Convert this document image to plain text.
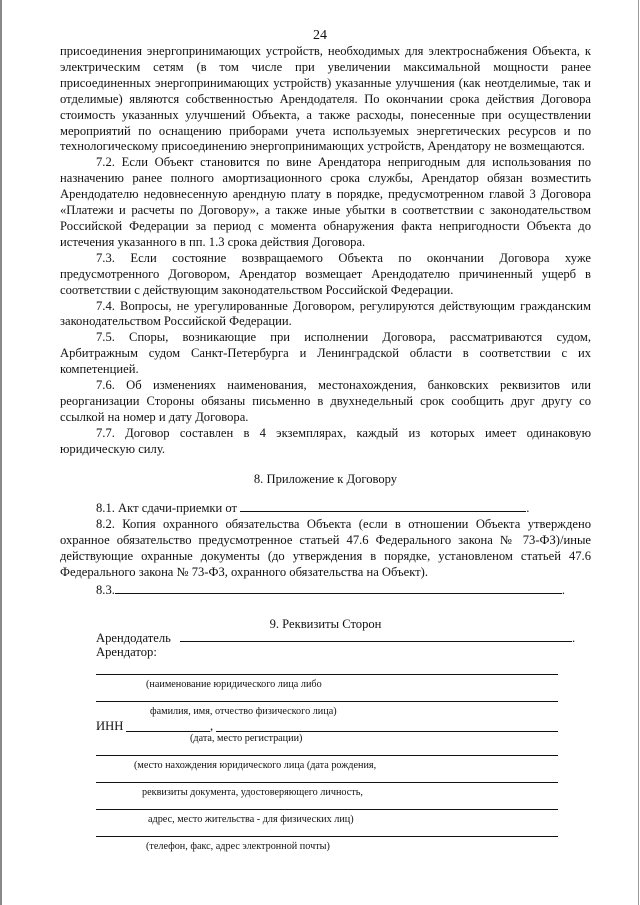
24

присоединения энергопринимающих устройств, необходимых для электроснабжения Объекта, к электрическим сетям (в том числе при увеличении максимальной мощности ранее присоединенных энергопринимающих устройств) указанные улучшения (как неотделимые, так и отделимые) являются собственностью Арендодателя. По окончании срока действия Договора стоимость указанных улучшений Объекта, а также расходы, понесенные при осуществлении мероприятий по оснащению приборами учета используемых энергетических ресурсов и по технологическому присоединению энергопринимающих устройств, Арендатору не возмещаются.

7.2. Если Объект становится по вине Арендатора непригодным для использования по назначению ранее полного амортизационного срока службы, Арендатор обязан возместить Арендодателю недовнесенную арендную плату в порядке, предусмотренном главой 3 Договора «Платежи и расчеты по Договору», а также иные убытки в соответствии с законодательством Российской Федерации за период с момента обнаружения факта непригодности Объекта до истечения указанного в пп. 1.3 срока действия Договора.

7.3. Если состояние возвращаемого Объекта по окончании Договора хуже предусмотренного Договором, Арендатор возмещает Арендодателю причиненный ущерб в соответствии с действующим законодательством Российской Федерации.

7.4. Вопросы, не урегулированные Договором, регулируются действующим гражданским законодательством Российской Федерации.

7.5. Споры, возникающие при исполнении Договора, рассматриваются судом, Арбитражным судом Санкт-Петербурга и Ленинградской области в соответствии с их компетенцией.

7.6. Об изменениях наименования, местонахождения, банковских реквизитов или реорганизации Стороны обязаны письменно в двухнедельный срок сообщить друг другу со ссылкой на номер и дату Договора.

7.7. Договор составлен в 4 экземплярах, каждый из которых имеет одинаковую юридическую силу.

8. Приложение к Договору

8.1. Акт сдачи-приемки от	.

8.2. Копия охранного обязательства Объекта (если в отношении Объекта утверждено охранное обязательство предусмотренное статьей 47.6 Федерального закона № 73-ФЗ)/иные действующие охранные документы (до утверждения в порядке, установленом статьей 47.6 Федерального закона № 73-ФЗ, охранного обязательства на Объект).

8.3.	.

9. Реквизиты Сторон

Арендодатель	.
Арендатор:
(наименование юридического лица либо
фамилия, имя, отчество физического лица)
ИНН	,
(дата, место регистрации)
(место нахождения юридического лица (дата рождения,
реквизиты документа, удостоверяющего личность,
адрес, место жительства - для физических лиц)
(телефон, факс, адрес электронной почты)
